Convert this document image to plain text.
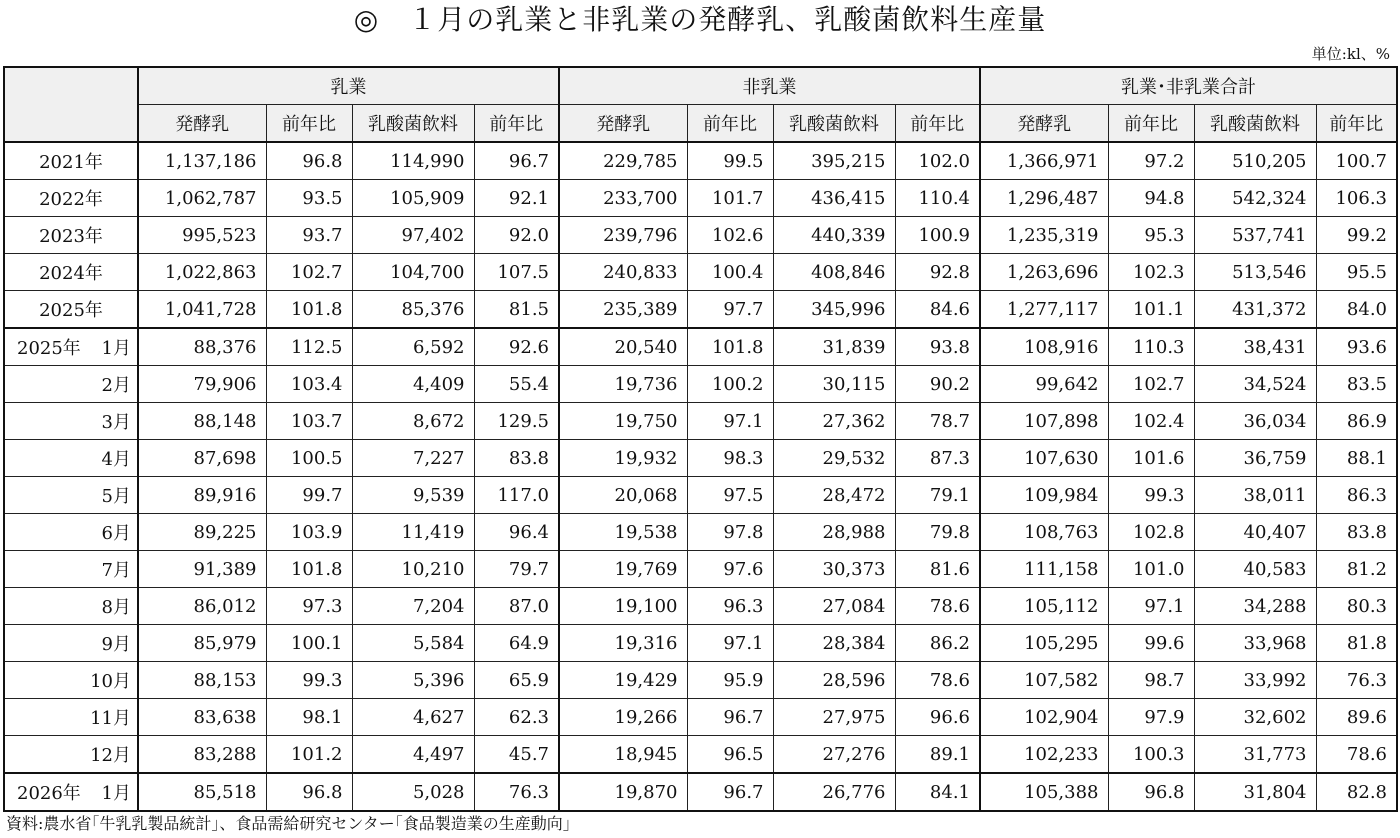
◎　１月の乳業と非乳業の発酵乳、乳酸菌飲料生産量
単位:kl、%
	乳業				非乳業				乳業･非乳業合計			
	発酵乳	前年比	乳酸菌飲料	前年比	発酵乳	前年比	乳酸菌飲料	前年比	発酵乳	前年比	乳酸菌飲料	前年比
2021年	1,137,186	96.8	114,990	96.7	229,785	99.5	395,215	102.0	1,366,971	97.2	510,205	100.7
2022年	1,062,787	93.5	105,909	92.1	233,700	101.7	436,415	110.4	1,296,487	94.8	542,324	106.3
2023年	995,523	93.7	97,402	92.0	239,796	102.6	440,339	100.9	1,235,319	95.3	537,741	99.2
2024年	1,022,863	102.7	104,700	107.5	240,833	100.4	408,846	92.8	1,263,696	102.3	513,546	95.5
2025年	1,041,728	101.8	85,376	81.5	235,389	97.7	345,996	84.6	1,277,117	101.1	431,372	84.0

2025年 1月	88,376	112.5	6,592	92.6	20,540	101.8	31,839	93.8	108,916	110.3	38,431	93.6
2月	79,906	103.4	4,409	55.4	19,736	100.2	30,115	90.2	99,642	102.7	34,524	83.5
3月	88,148	103.7	8,672	129.5	19,750	97.1	27,362	78.7	107,898	102.4	36,034	86.9
4月	87,698	100.5	7,227	83.8	19,932	98.3	29,532	87.3	107,630	101.6	36,759	88.1
5月	89,916	99.7	9,539	117.0	20,068	97.5	28,472	79.1	109,984	99.3	38,011	86.3
6月	89,225	103.9	11,419	96.4	19,538	97.8	28,988	79.8	108,763	102.8	40,407	83.8
7月	91,389	101.8	10,210	79.7	19,769	97.6	30,373	81.6	111,158	101.0	40,583	81.2
8月	86,012	97.3	7,204	87.0	19,100	96.3	27,084	78.6	105,112	97.1	34,288	80.3
9月	85,979	100.1	5,584	64.9	19,316	97.1	28,384	86.2	105,295	99.6	33,968	81.8
10月	88,153	99.3	5,396	65.9	19,429	95.9	28,596	78.6	107,582	98.7	33,992	76.3
11月	83,638	98.1	4,627	62.3	19,266	96.7	27,975	96.6	102,904	97.9	32,602	89.6
12月	83,288	101.2	4,497	45.7	18,945	96.5	27,276	89.1	102,233	100.3	31,773	78.6

2026年 1月	85,518	96.8	5,028	76.3	19,870	96.7	26,776	84.1	105,388	96.8	31,804	82.8
資料:農水省｢牛乳乳製品統計｣、食品需給研究センター｢食品製造業の生産動向｣
